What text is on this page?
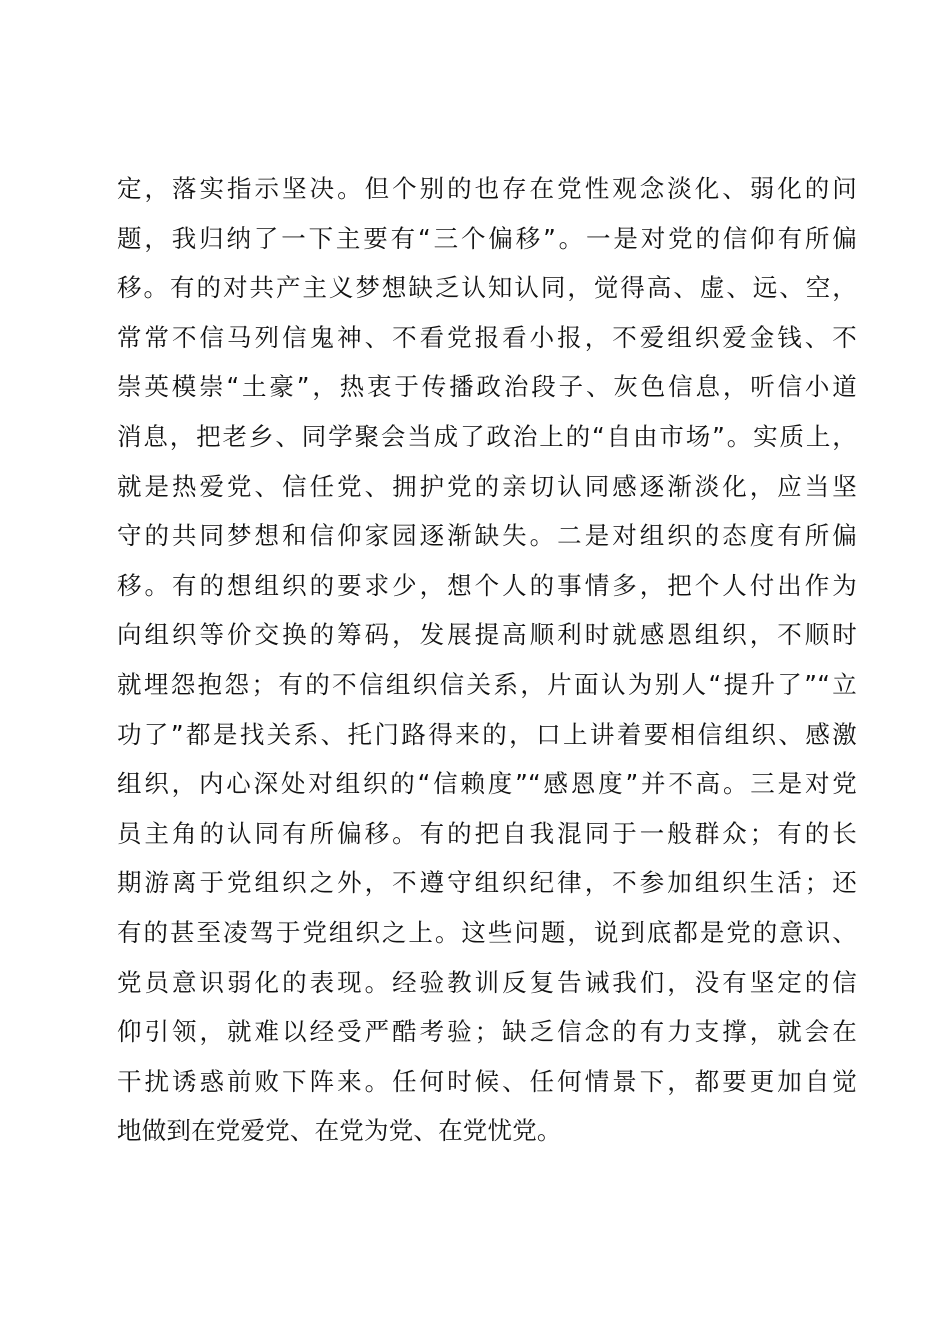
定，落实指示坚决。但个别的也存在党性观念淡化、弱化的问
题，我归纳了一下主要有“三个偏移”。一是对党的信仰有所偏
移。有的对共产主义梦想缺乏认知认同，觉得高、虚、远、空，
常常不信马列信鬼神、不看党报看小报，不爱组织爱金钱、不
崇英模崇“土豪”，热衷于传播政治段子、灰色信息，听信小道
消息，把老乡、同学聚会当成了政治上的“自由市场”。实质上，
就是热爱党、信任党、拥护党的亲切认同感逐渐淡化，应当坚
守的共同梦想和信仰家园逐渐缺失。二是对组织的态度有所偏
移。有的想组织的要求少，想个人的事情多，把个人付出作为
向组织等价交换的筹码，发展提高顺利时就感恩组织，不顺时
就埋怨抱怨；有的不信组织信关系，片面认为别人“提升了”“立
功了”都是找关系、托门路得来的，口上讲着要相信组织、感激
组织，内心深处对组织的“信赖度”“感恩度”并不高。三是对党
员主角的认同有所偏移。有的把自我混同于一般群众；有的长
期游离于党组织之外，不遵守组织纪律，不参加组织生活；还
有的甚至凌驾于党组织之上。这些问题，说到底都是党的意识、
党员意识弱化的表现。经验教训反复告诫我们，没有坚定的信
仰引领，就难以经受严酷考验；缺乏信念的有力支撑，就会在
干扰诱惑前败下阵来。任何时候、任何情景下，都要更加自觉
地做到在党爱党、在党为党、在党忧党。
